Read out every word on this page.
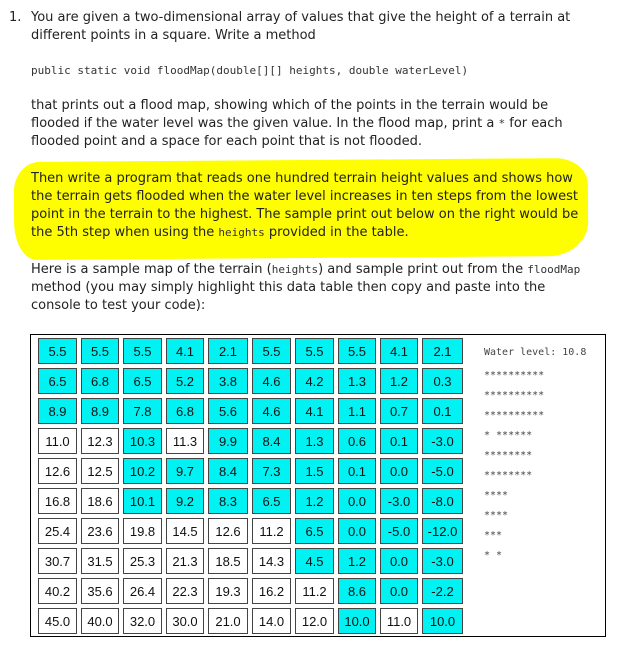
1. You are given a two-dimensional array of values that give the height of a terrain at different points in a square. Write a method

public static void floodMap(double[][] heights, double waterLevel)

that prints out a flood map, showing which of the points in the terrain would be flooded if the water level was the given value. In the flood map, print a * for each flooded point and a space for each point that is not flooded.

Then write a program that reads one hundred terrain height values and shows how the terrain gets flooded when the water level increases in ten steps from the lowest point in the terrain to the highest. The sample print out below on the right would be the 5th step when using the heights provided in the table.

Here is a sample map of the terrain (heights) and sample print out from the floodMap method (you may simply highlight this data table then copy and paste into the console to test your code):

5.5	5.5	5.5	4.1	2.1	5.5	5.5	5.5	4.1	2.1

6.5	6.8	6.5	5.2	3.8	4.6	4.2	1.3	1.2	0.3

8.9	8.9	7.8	6.8	5.6	4.6	4.1	1.1	0.7	0.1

11.0	12.3	10.3	11.3	9.9	8.4	1.3	0.6	0.1	-3.0

12.6	12.5	10.2	9.7	8.4	7.3	1.5	0.1	0.0	-5.0

16.8	18.6	10.1	9.2	8.3	6.5	1.2	0.0	-3.0	-8.0

25.4	23.6	19.8	14.5	12.6	11.2	6.5	0.0	-5.0	-12.0

30.7	31.5	25.3	21.3	18.5	14.3	4.5	1.2	0.0	-3.0

40.2	35.6	26.4	22.3	19.3	16.2	11.2	8.6	0.0	-2.2

45.0	40.0	32.0	30.0	21.0	14.0	12.0	10.0	11.0	10.0
Water level: 10.8
**********
**********
**********
* ******
********
********
****
****
***
* *
